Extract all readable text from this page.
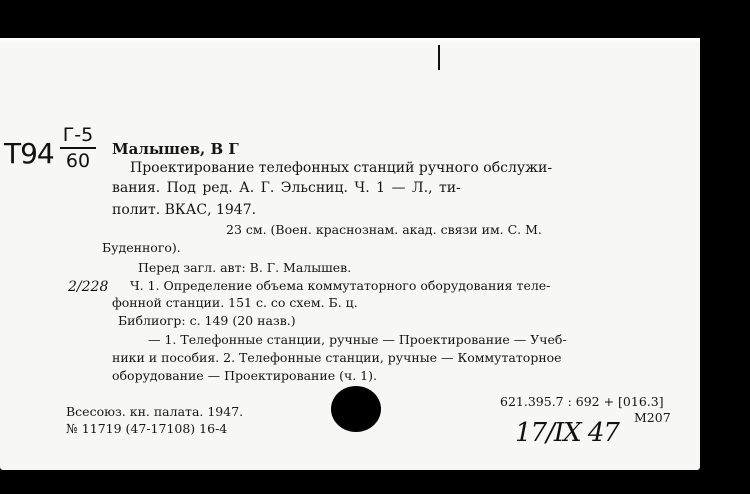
T94
Г-5
60
Малышев, В Г
Проектирование телефонных станций ручного обслужи-
вания. Под ред. А. Г. Эльсниц. Ч. 1 — Л., ти-
полит. ВКАС, 1947.
23 см. (Воен. краснознам. акад. связи им. С. М.
Буденного).
Перед загл. авт: В. Г. Малышев.
Ч. 1. Определение объема коммутаторного оборудования теле-
фонной станции. 151 с. со схем. Б. ц.
Библиогр: с. 149 (20 назв.)
— 1. Телефонные станции, ручные — Проектирование — Учеб-
ники и пособия. 2. Телефонные станции, ручные — Коммутаторное
оборудование — Проектирование (ч. 1).
Всесоюз. кн. палата. 1947.
№ 11719 (47-17108) 16-4
621.395.7 : 692 + [016.3]
М207
2/228
17/IX 47
